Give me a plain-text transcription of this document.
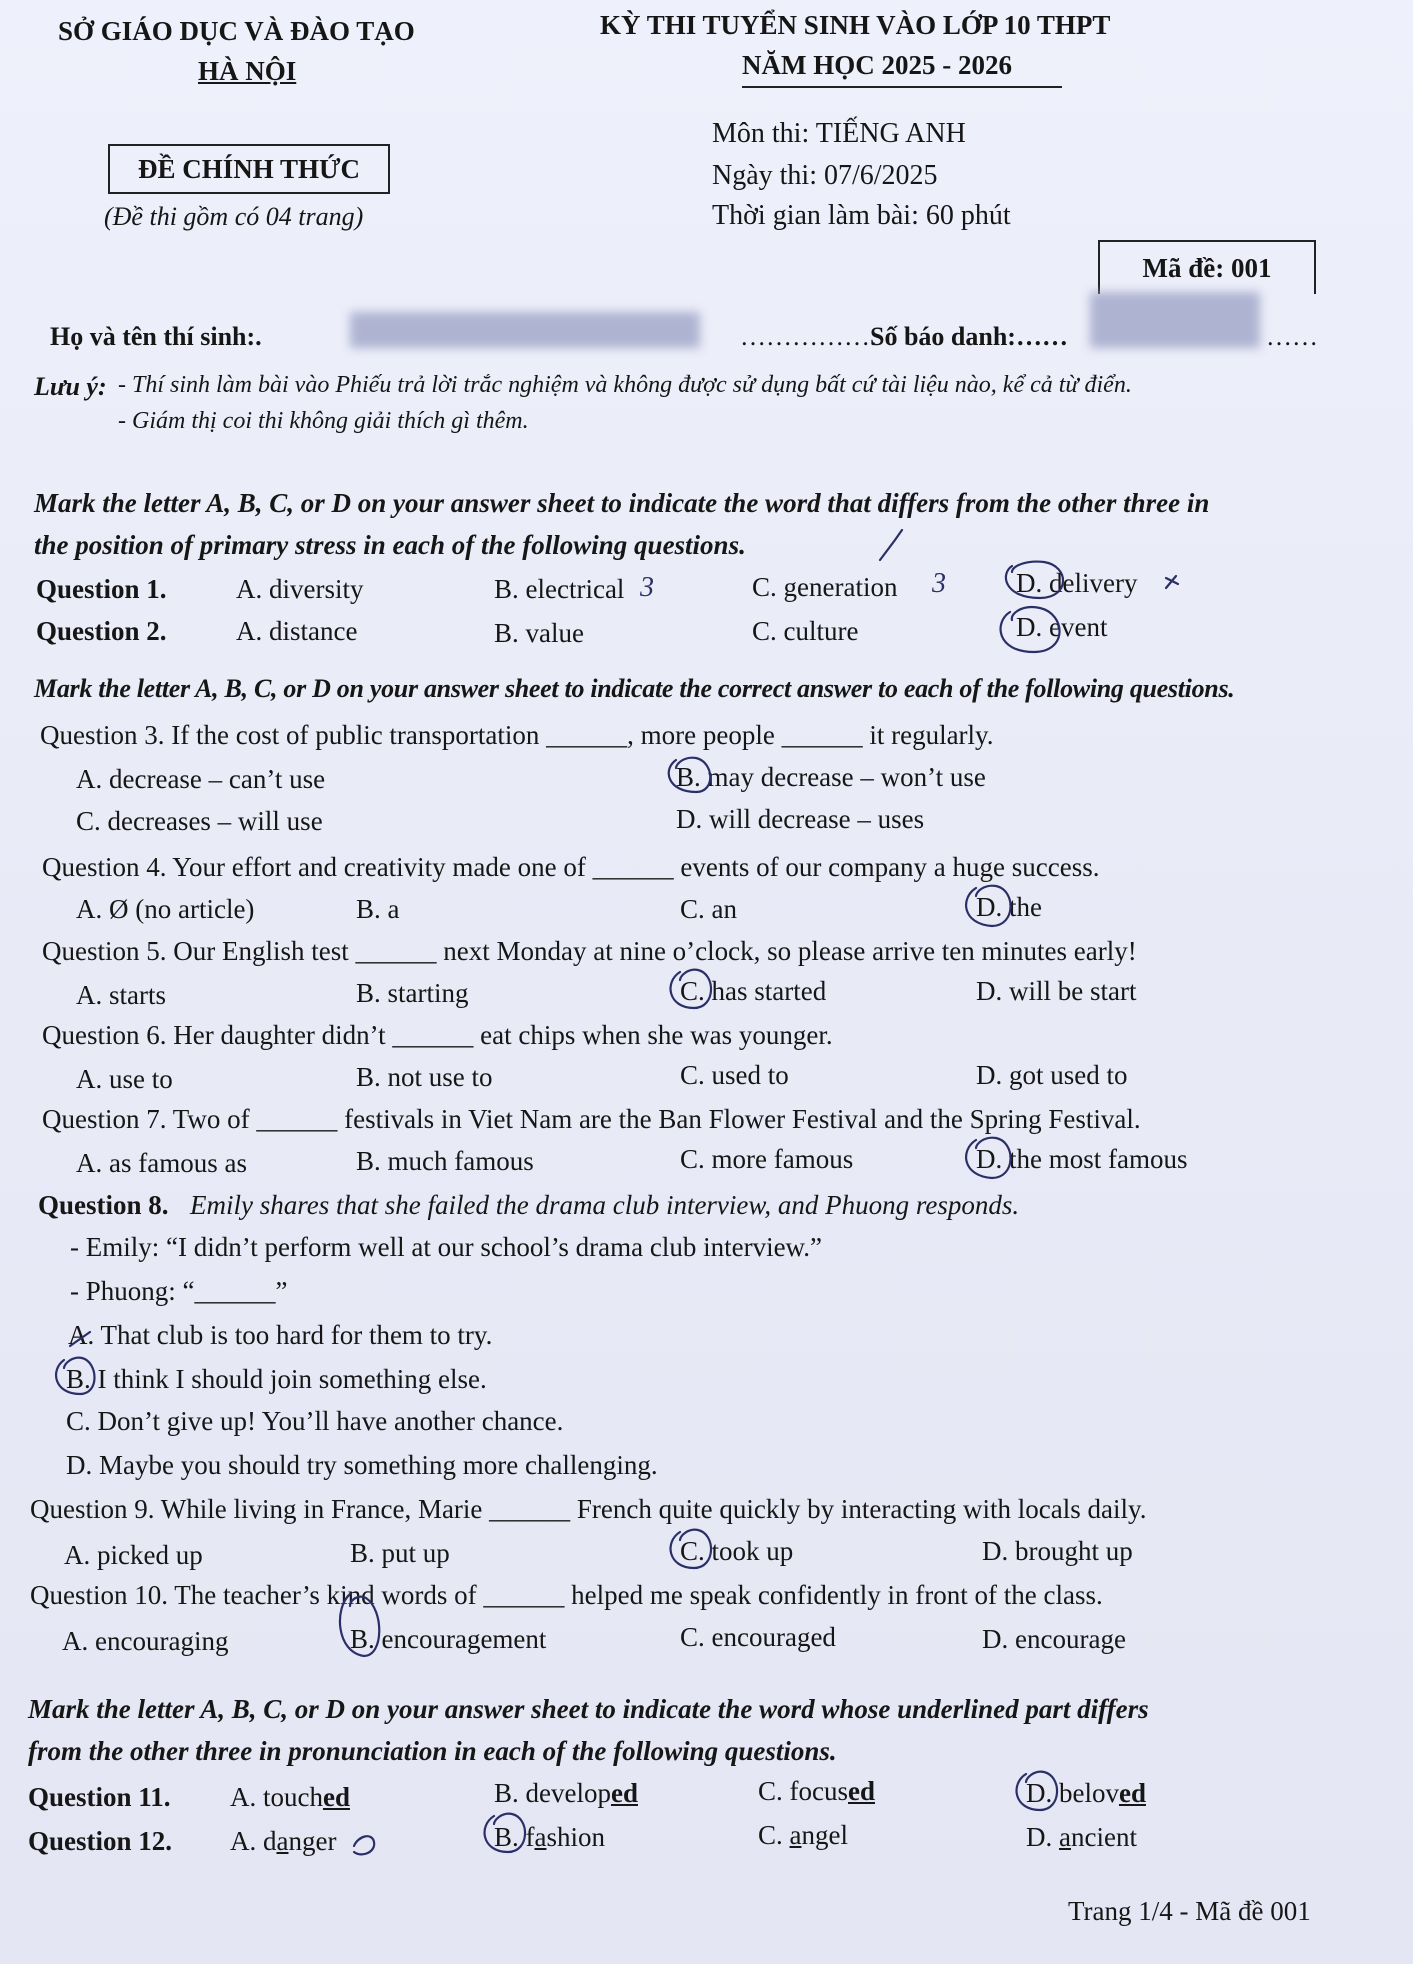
SỞ GIÁO DỤC VÀ ĐÀO TẠO
HÀ NỘI
KỲ THI TUYỂN SINH VÀO LỚP 10 THPT
NĂM HỌC 2025 - 2026
ĐỀ CHÍNH THỨC
(Đề thi gồm có 04 trang)
Môn thi: TIẾNG ANH
Ngày thi: 07/6/2025
Thời gian làm bài: 60 phút
Mã đề: 001
Họ và tên thí sinh:.	…………….
Số báo danh:……	……
Lưu ý: - Thí sinh làm bài vào Phiếu trả lời trắc nghiệm và không được sử dụng bất cứ tài liệu nào, kể cả từ điển.
- Giám thị coi thi không giải thích gì thêm.
Mark the letter A, B, C, or D on your answer sheet to indicate the word that differs from the other three in
the position of primary stress in each of the following questions.
Question 1.	A. diversity	B. electrical	C. generation	D. delivery
Question 2.	A. distance	B. value	C. culture	D. event
Mark the letter A, B, C, or D on your answer sheet to indicate the correct answer to each of the following questions.
Question 3. If the cost of public transportation ______, more people ______ it regularly.
A. decrease – can’t use	B. may decrease – won’t use
C. decreases – will use	D. will decrease – uses
Question 4. Your effort and creativity made one of ______ events of our company a huge success.
A. Ø (no article)	B. a	C. an	D. the
Question 5. Our English test ______ next Monday at nine o’clock, so please arrive ten minutes early!
A. starts	B. starting	C. has started	D. will be start
Question 6. Her daughter didn’t ______ eat chips when she was younger.
A. use to	B. not use to	C. used to	D. got used to
Question 7. Two of ______ festivals in Viet Nam are the Ban Flower Festival and the Spring Festival.
A. as famous as	B. much famous	C. more famous	D. the most famous
Question 8. Emily shares that she failed the drama club interview, and Phuong responds.
- Emily: “I didn’t perform well at our school’s drama club interview.”
- Phuong: “______”
A. That club is too hard for them to try.
B. I think I should join something else.
C. Don’t give up! You’ll have another chance.
D. Maybe you should try something more challenging.
Question 9. While living in France, Marie ______ French quite quickly by interacting with locals daily.
A. picked up	B. put up	C. took up	D. brought up
Question 10. The teacher’s kind words of ______ helped me speak confidently in front of the class.
A. encouraging	B. encouragement	C. encouraged	D. encourage
Mark the letter A, B, C, or D on your answer sheet to indicate the word whose underlined part differs
from the other three in pronunciation in each of the following questions.
Question 11. A. touched	B. developed	C. focused	D. beloved
Question 12. A. danger	B. fashion	C. angel	D. ancient
Trang 1/4 - Mã đề 001
3	3
